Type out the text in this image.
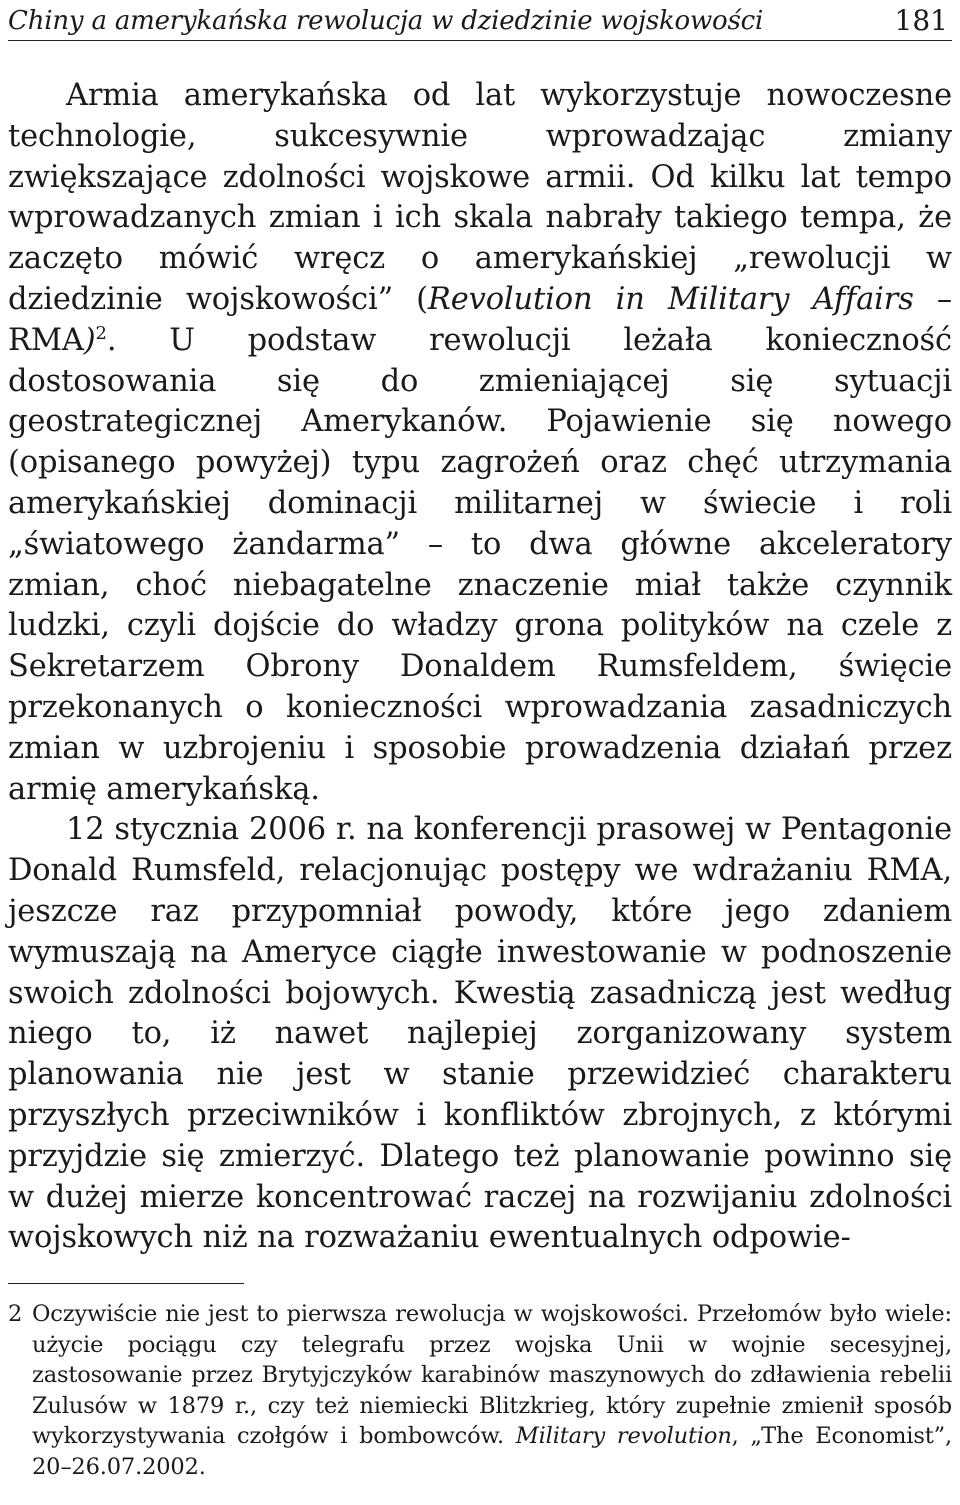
Chiny a amerykańska rewolucja w dziedzinie wojskowości	181

Armia amerykańska od lat wykorzystuje nowoczesne technologie, sukcesywnie wprowadzając zmiany zwiększające zdolności wojskowe armii. Od kilku lat tempo wprowadzanych zmian i ich skala nabrały takiego tempa, że zaczęto mówić wręcz o amerykańskiej „rewolucji w dziedzinie wojskowości” (Revolution in Military Affairs – RMA)$^2$. U podstaw rewolucji leżała konieczność dostosowania się do zmieniającej się sytuacji geostrategicznej Amerykanów. Pojawienie się nowego (opisanego powyżej) typu zagrożeń oraz chęć utrzymania amerykańskiej dominacji militarnej w świecie i roli „światowego żandarma” – to dwa główne akceleratory zmian, choć niebagatelne znaczenie miał także czynnik ludzki, czyli dojście do władzy grona polityków na czele z Sekretarzem Obrony Donaldem Rumsfeldem, święcie przekonanych o konieczności wprowadzania zasadniczych zmian w uzbrojeniu i sposobie prowadzenia działań przez armię amerykańską.

12 stycznia 2006 r. na konferencji prasowej w Pentagonie Donald Rumsfeld, relacjonując postępy we wdrażaniu RMA, jeszcze raz przypomniał powody, które jego zdaniem wymuszają na Ameryce ciągłe inwestowanie w podnoszenie swoich zdolności bojowych. Kwestią zasadniczą jest według niego to, iż nawet najlepiej zorganizowany system planowania nie jest w stanie przewidzieć charakteru przyszłych przeciwników i konfliktów zbrojnych, z którymi przyjdzie się zmierzyć. Dlatego też planowanie powinno się w dużej mierze koncentrować raczej na rozwijaniu zdolności wojskowych niż na rozważaniu ewentualnych odpowie-

2 Oczywiście nie jest to pierwsza rewolucja w wojskowości. Przełomów było wiele: użycie pociągu czy telegrafu przez wojska Unii w wojnie secesyjnej, zastosowanie przez Brytyjczyków karabinów maszynowych do zdławienia rebelii Zulusów w 1879 r., czy też niemiecki Blitzkrieg, który zupełnie zmienił sposób wykorzystywania czołgów i bombowców. Military revolution, „The Economist”, 20–26.07.2002.
